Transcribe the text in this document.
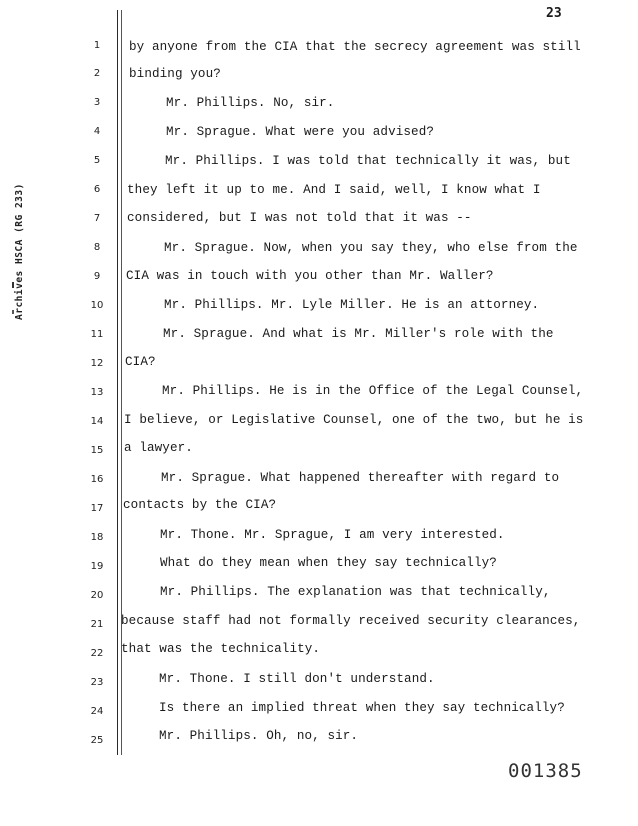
23
Archives HSCA (RG 233)
1
2
3
4
5
6
7
8
9
10
11
12
13
14
15
16
17
18
19
20
21
22
23
24
25
by anyone from the CIA that the secrecy agreement was still
binding you?
Mr. Phillips. No, sir.
Mr. Sprague. What were you advised?
Mr. Phillips. I was told that technically it was, but
they left it up to me. And I said, well, I know what I
considered, but I was not told that it was --
Mr. Sprague. Now, when you say they, who else from the
CIA was in touch with you other than Mr. Waller?
Mr. Phillips. Mr. Lyle Miller. He is an attorney.
Mr. Sprague. And what is Mr. Miller's role with the
CIA?
Mr. Phillips. He is in the Office of the Legal Counsel,
I believe, or Legislative Counsel, one of the two, but he is
a lawyer.
Mr. Sprague. What happened thereafter with regard to
contacts by the CIA?
Mr. Thone. Mr. Sprague, I am very interested.
What do they mean when they say technically?
Mr. Phillips. The explanation was that technically,
because staff had not formally received security clearances,
that was the technicality.
Mr. Thone. I still don't understand.
Is there an implied threat when they say technically?
Mr. Phillips. Oh, no, sir.
001385
